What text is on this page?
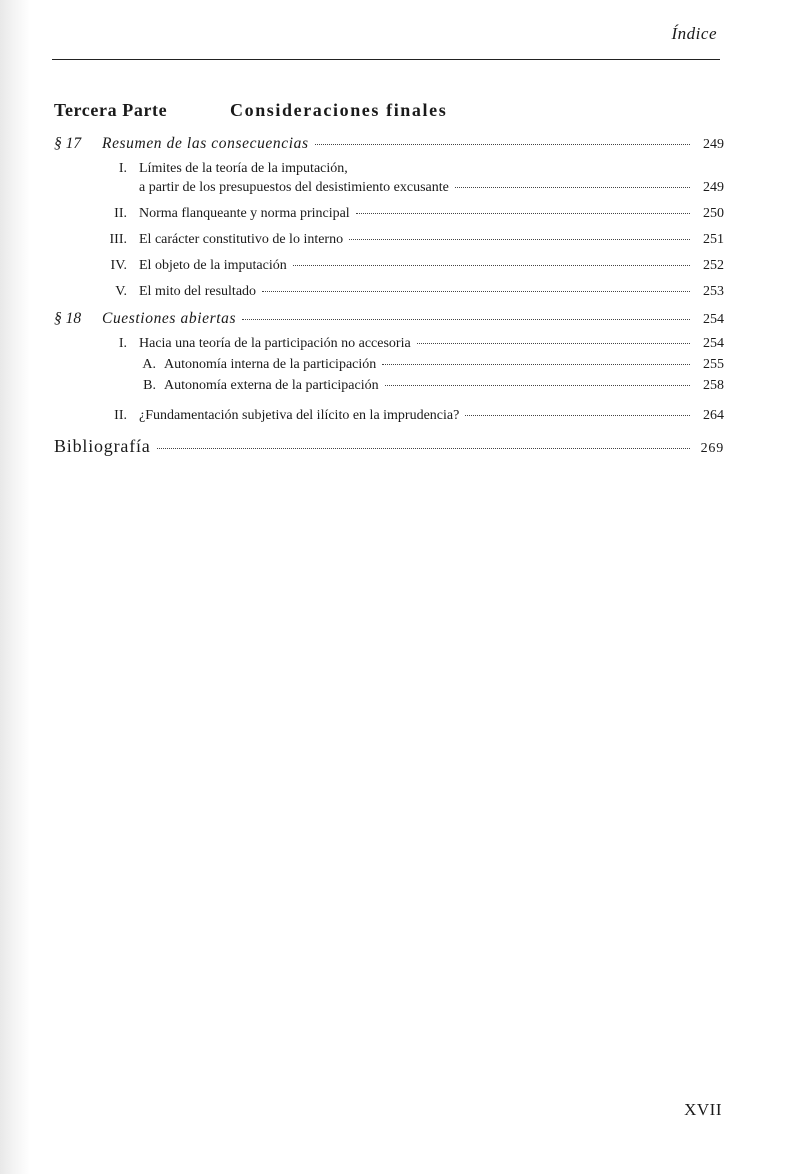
Índice
Tercera Parte	Consideraciones finales
§ 17	Resumen de las consecuencias	249
I. Límites de la teoría de la imputación,
a partir de los presupuestos del desistimiento excusante	249
II. Norma flanqueante y norma principal	250
III. El carácter constitutivo de lo interno	251
IV. El objeto de la imputación	252
V. El mito del resultado	253
§ 18	Cuestiones abiertas	254
I. Hacia una teoría de la participación no accesoria	254
A. Autonomía interna de la participación	255
B. Autonomía externa de la participación	258
II. ¿Fundamentación subjetiva del ilícito en la imprudencia?	264
Bibliografía	269
XVII
